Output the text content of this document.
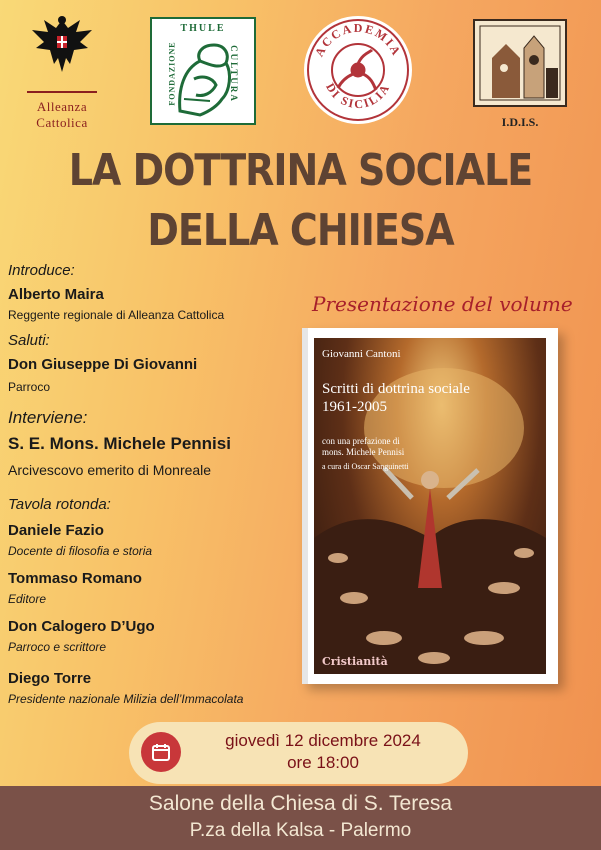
Alleanza
Cattolica
THULE
FONDAZIONE	CULTURA	ACCADEMIA
DI SICILIA
I.D.I.S.
LA DOTTRINA SOCIALE
DELLA CHIIESA
Introduce:
Alberto Maira
Reggente regionale di Alleanza Cattolica
Saluti:
Don Giuseppe Di Giovanni
Parroco
Interviene:
S. E. Mons. Michele Pennisi
Arcivescovo emerito di Monreale
Tavola rotonda:
Daniele Fazio
Docente di filosofia e storia
Tommaso Romano
Editore
Don Calogero D’Ugo
Parroco e scrittore
Diego Torre
Presidente nazionale Milizia dell’Immacolata
Presentazione del volume
Giovanni Cantoni
Scritti di dottrina sociale
1961-2005
con una prefazione di
mons. Michele Pennisi
a cura di Oscar Sanguinetti
Cristianità
giovedì 12 dicembre 2024
ore 18:00
Salone della Chiesa di S. Teresa
P.za della Kalsa - Palermo
